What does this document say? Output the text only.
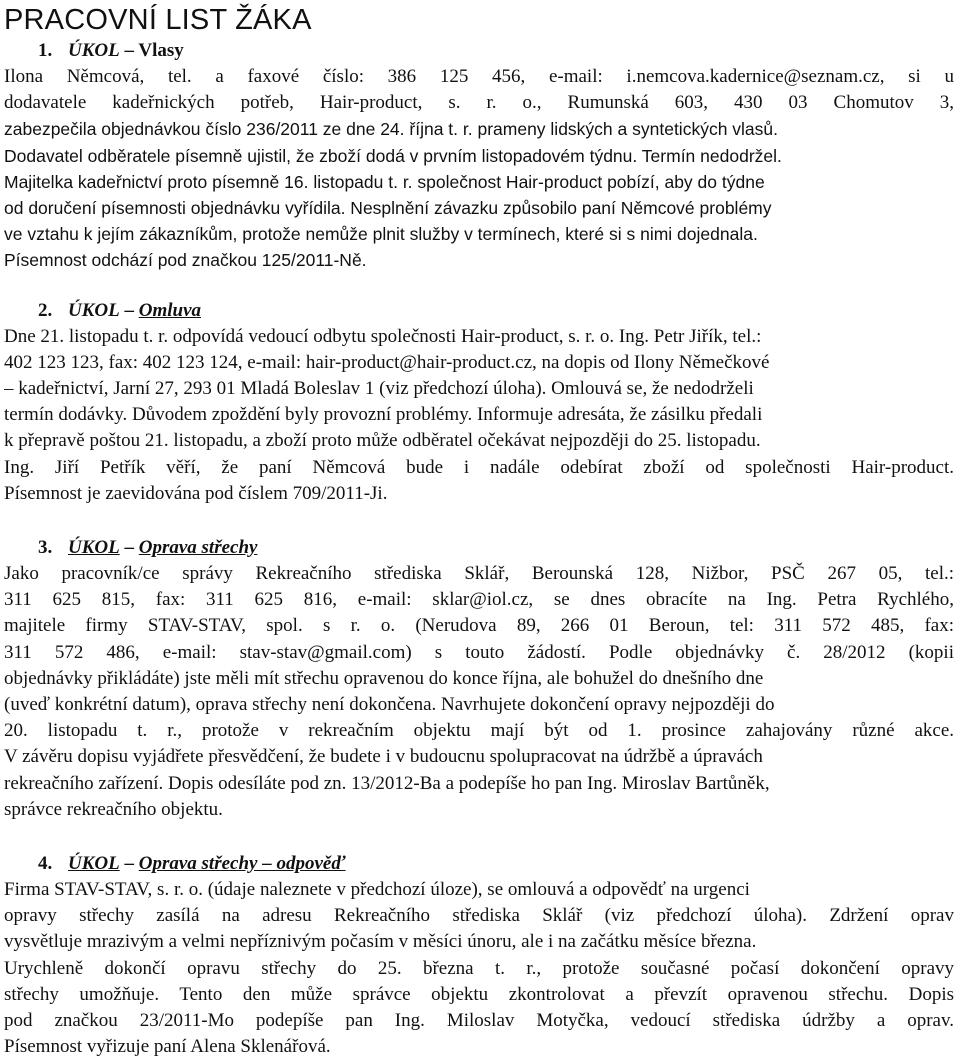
PRACOVNÍ LIST ŽÁKA
1. ÚKOL – Vlasy
Ilona Němcová, tel. a faxové číslo: 386 125 456, e-mail: i.nemcova.kadernice@seznam.cz, si u
dodavatele kadeřnických potřeb, Hair-product, s. r. o., Rumunská 603, 430 03 Chomutov 3,
zabezpečila objednávkou číslo 236/2011 ze dne 24. října t. r. prameny lidských a syntetických vlasů.
Dodavatel odběratele písemně ujistil, že zboží dodá v prvním listopadovém týdnu. Termín nedodržel.
Majitelka kadeřnictví proto písemně 16. listopadu t. r. společnost Hair-product pobízí, aby do týdne
od doručení písemnosti objednávku vyřídila. Nesplnění závazku způsobilo paní Němcové problémy
ve vztahu k jejím zákazníkům, protože nemůže plnit služby v termínech, které si s nimi dojednala.
Písemnost odchází pod značkou 125/2011-Ně.
2. ÚKOL – Omluva
Dne 21. listopadu t. r. odpovídá vedoucí odbytu společnosti Hair-product, s. r. o. Ing. Petr Jiřík, tel.:
402 123 123, fax: 402 123 124, e-mail: hair-product@hair-product.cz, na dopis od Ilony Němečkové
– kadeřnictví, Jarní 27, 293 01 Mladá Boleslav 1 (viz předchozí úloha). Omlouvá se, že nedodrželi
termín dodávky. Důvodem zpoždění byly provozní problémy. Informuje adresáta, že zásilku předali
k přepravě poštou 21. listopadu, a zboží proto může odběratel očekávat nejpozději do 25. listopadu.
Ing. Jiří Petřík věří, že paní Němcová bude i nadále odebírat zboží od společnosti Hair-product.
Písemnost je zaevidována pod číslem 709/2011-Ji.
3. ÚKOL – Oprava střechy
Jako pracovník/ce správy Rekreačního střediska Sklář, Berounská 128, Nižbor, PSČ 267 05, tel.:
311 625 815, fax: 311 625 816, e-mail: sklar@iol.cz, se dnes obracíte na Ing. Petra Rychlého,
majitele firmy STAV-STAV, spol. s r. o. (Nerudova 89, 266 01 Beroun, tel: 311 572 485, fax:
311 572 486, e-mail: stav-stav@gmail.com) s touto žádostí. Podle objednávky č. 28/2012 (kopii
objednávky přikládáte) jste měli mít střechu opravenou do konce října, ale bohužel do dnešního dne
(uveď konkrétní datum), oprava střechy není dokončena. Navrhujete dokončení opravy nejpozději do
20. listopadu t. r., protože v rekreačním objektu mají být od 1. prosince zahajovány různé akce.
V závěru dopisu vyjádřete přesvědčení, že budete i v budoucnu spolupracovat na údržbě a úpravách
rekreačního zařízení. Dopis odesíláte pod zn. 13/2012-Ba a podepíše ho pan Ing. Miroslav Bartůněk,
správce rekreačního objektu.
4. ÚKOL – Oprava střechy – odpověď
Firma STAV-STAV, s. r. o. (údaje naleznete v předchozí úloze), se omlouvá a odpovědť na urgenci
opravy střechy zasílá na adresu Rekreačního střediska Sklář (viz předchozí úloha). Zdržení oprav
vysvětluje mrazivým a velmi nepříznivým počasím v měsíci únoru, ale i na začátku měsíce března.
Urychleně dokončí opravu střechy do 25. března t. r., protože současné počasí dokončení opravy
střechy umožňuje. Tento den může správce objektu zkontrolovat a převzít opravenou střechu. Dopis
pod značkou 23/2011-Mo podepíše pan Ing. Miloslav Motyčka, vedoucí střediska údržby a oprav.
Písemnost vyřizuje paní Alena Sklenářová.
